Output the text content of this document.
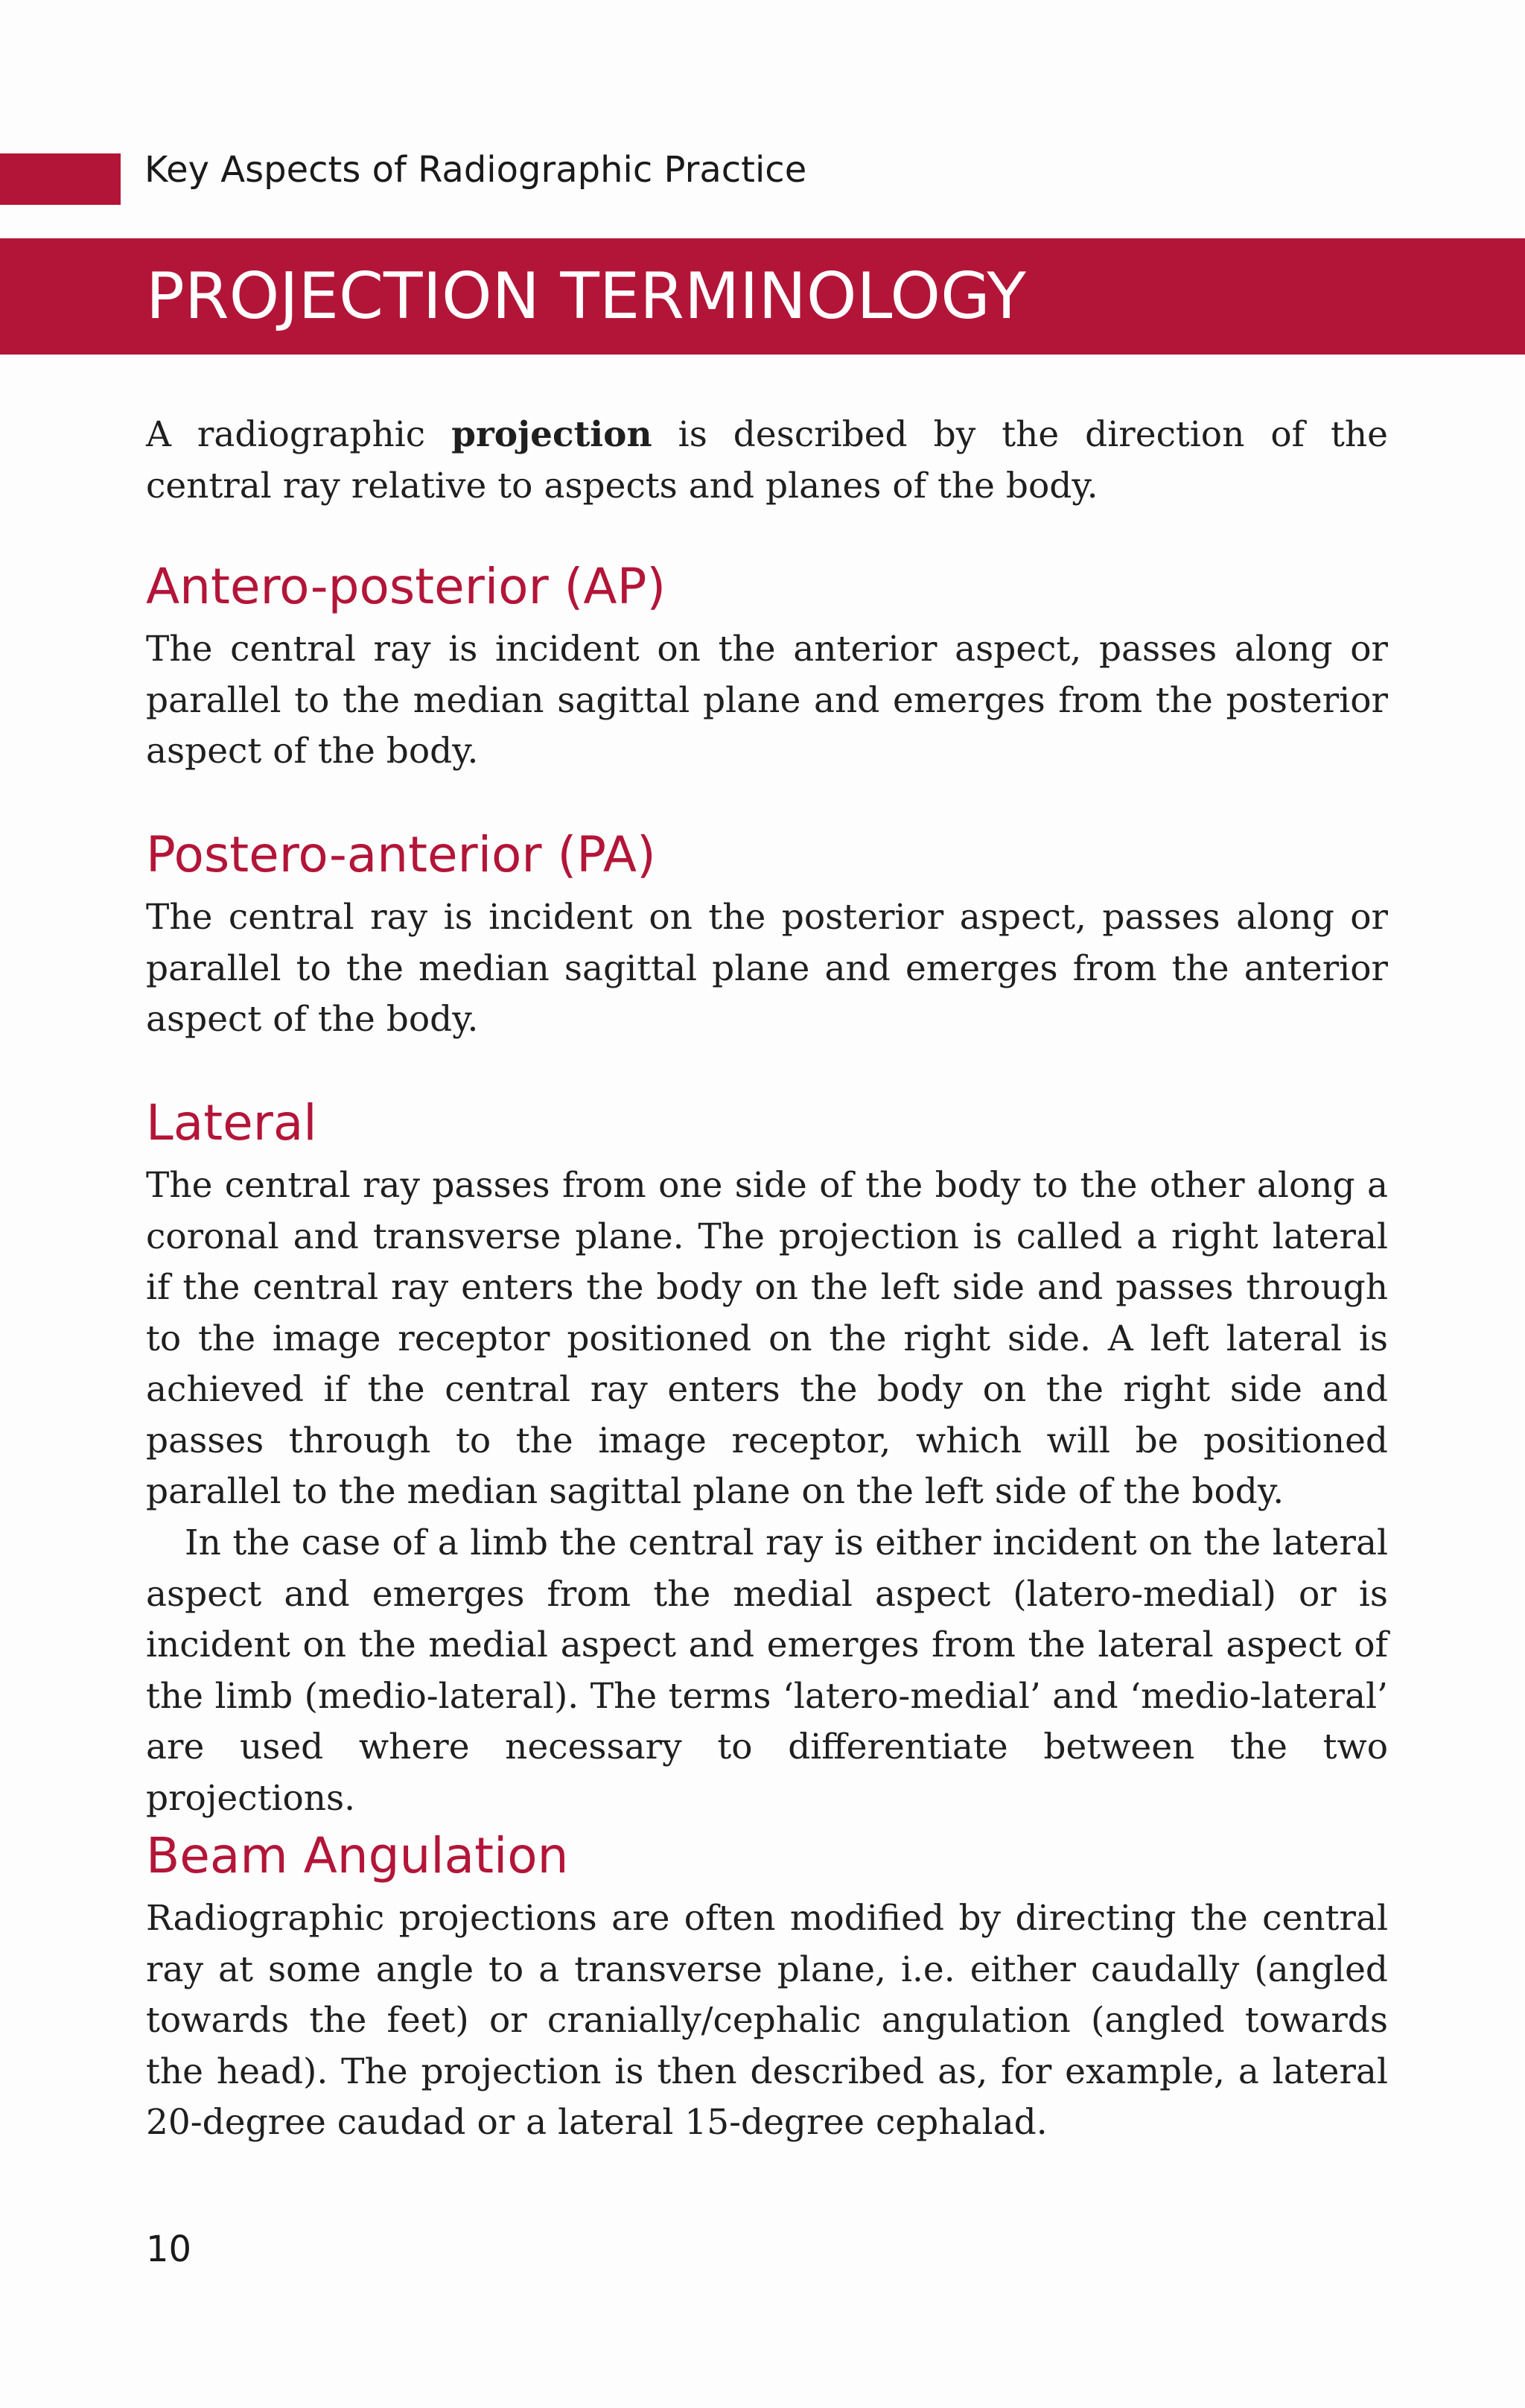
Key Aspects of Radiographic Practice
PROJECTION TERMINOLOGY

A radiographic projection is described by the direction of the central ray relative to aspects and planes of the body.

Antero-posterior (AP)

The central ray is incident on the anterior aspect, passes along or parallel to the median sagittal plane and emerges from the posterior aspect of the body.

Postero-anterior (PA)

The central ray is incident on the posterior aspect, passes along or parallel to the median sagittal plane and emerges from the anterior aspect of the body.

Lateral

The central ray passes from one side of the body to the other along a coronal and transverse plane. The projection is called a right lateral if the central ray enters the body on the left side and passes through to the image receptor positioned on the right side. A left lateral is achieved if the central ray enters the body on the right side and passes through to the image receptor, which will be positioned parallel to the median sagittal plane on the left side of the body.

In the case of a limb the central ray is either incident on the lateral aspect and emerges from the medial aspect (latero-medial) or is incident on the medial aspect and emerges from the lateral aspect of the limb (medio-lateral). The terms ‘latero-medial’ and ‘medio-lateral’ are used where necessary to differentiate between the two projections.

Beam Angulation

Radiographic projections are often modified by directing the central ray at some angle to a transverse plane, i.e. either caudally (angled towards the feet) or cranially/cephalic angulation (angled towards the head). The projection is then described as, for example, a lateral 20-degree caudad or a lateral 15-degree cephalad.

10
